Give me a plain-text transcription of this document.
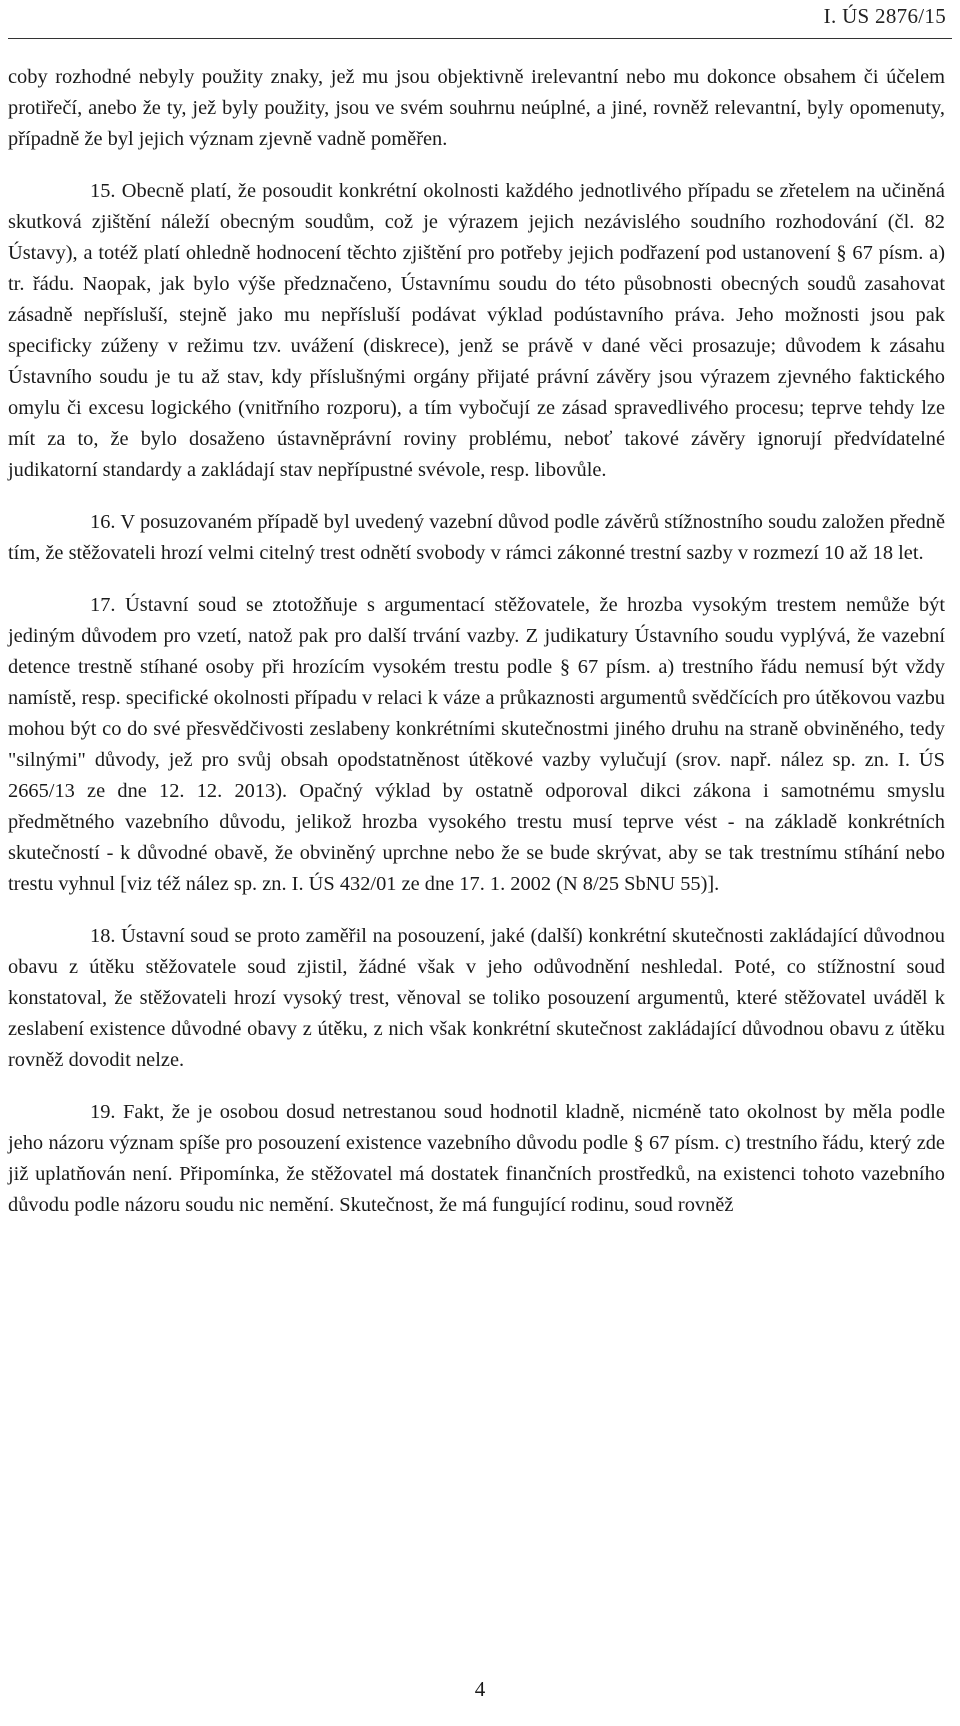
I. ÚS 2876/15

coby rozhodné nebyly použity znaky, jež mu jsou objektivně irelevantní nebo mu dokonce obsahem či účelem protiřečí, anebo že ty, jež byly použity, jsou ve svém souhrnu neúplné, a jiné, rovněž relevantní, byly opomenuty, případně že byl jejich význam zjevně vadně poměřen.

15. Obecně platí, že posoudit konkrétní okolnosti každého jednotlivého případu se zřetelem na učiněná skutková zjištění náleží obecným soudům, což je výrazem jejich nezávislého soudního rozhodování (čl. 82 Ústavy), a totéž platí ohledně hodnocení těchto zjištění pro potřeby jejich podřazení pod ustanovení § 67 písm. a) tr. řádu. Naopak, jak bylo výše předznačeno, Ústavnímu soudu do této působnosti obecných soudů zasahovat zásadně nepřísluší, stejně jako mu nepřísluší podávat výklad podústavního práva. Jeho možnosti jsou pak specificky zúženy v režimu tzv. uvážení (diskrece), jenž se právě v dané věci prosazuje; důvodem k zásahu Ústavního soudu je tu až stav, kdy příslušnými orgány přijaté právní závěry jsou výrazem zjevného faktického omylu či excesu logického (vnitřního rozporu), a tím vybočují ze zásad spravedlivého procesu; teprve tehdy lze mít za to, že bylo dosaženo ústavněprávní roviny problému, neboť takové závěry ignorují předvídatelné judikatorní standardy a zakládají stav nepřípustné svévole, resp. libovůle.

16. V posuzovaném případě byl uvedený vazební důvod podle závěrů stížnostního soudu založen předně tím, že stěžovateli hrozí velmi citelný trest odnětí svobody v rámci zákonné trestní sazby v rozmezí 10 až 18 let.

17. Ústavní soud se ztotožňuje s argumentací stěžovatele, že hrozba vysokým trestem nemůže být jediným důvodem pro vzetí, natož pak pro další trvání vazby. Z judikatury Ústavního soudu vyplývá, že vazební detence trestně stíhané osoby při hrozícím vysokém trestu podle § 67 písm. a) trestního řádu nemusí být vždy namístě, resp. specifické okolnosti případu v relaci k váze a průkaznosti argumentů svědčících pro útěkovou vazbu mohou být co do své přesvědčivosti zeslabeny konkrétními skutečnostmi jiného druhu na straně obviněného, tedy "silnými" důvody, jež pro svůj obsah opodstatněnost útěkové vazby vylučují (srov. např. nález sp. zn. I. ÚS 2665/13 ze dne 12. 12. 2013). Opačný výklad by ostatně odporoval dikci zákona i samotnému smyslu předmětného vazebního důvodu, jelikož hrozba vysokého trestu musí teprve vést - na základě konkrétních skutečností - k důvodné obavě, že obviněný uprchne nebo že se bude skrývat, aby se tak trestnímu stíhání nebo trestu vyhnul [viz též nález sp. zn. I. ÚS 432/01 ze dne 17. 1. 2002 (N 8/25 SbNU 55)].

18. Ústavní soud se proto zaměřil na posouzení, jaké (další) konkrétní skutečnosti zakládající důvodnou obavu z útěku stěžovatele soud zjistil, žádné však v jeho odůvodnění neshledal. Poté, co stížnostní soud konstatoval, že stěžovateli hrozí vysoký trest, věnoval se toliko posouzení argumentů, které stěžovatel uváděl k zeslabení existence důvodné obavy z útěku, z nich však konkrétní skutečnost zakládající důvodnou obavu z útěku rovněž dovodit nelze.

19. Fakt, že je osobou dosud netrestanou soud hodnotil kladně, nicméně tato okolnost by měla podle jeho názoru význam spíše pro posouzení existence vazebního důvodu podle § 67 písm. c) trestního řádu, který zde již uplatňován není. Připomínka, že stěžovatel má dostatek finančních prostředků, na existenci tohoto vazebního důvodu podle názoru soudu nic nemění. Skutečnost, že má fungující rodinu, soud rovněž

4
